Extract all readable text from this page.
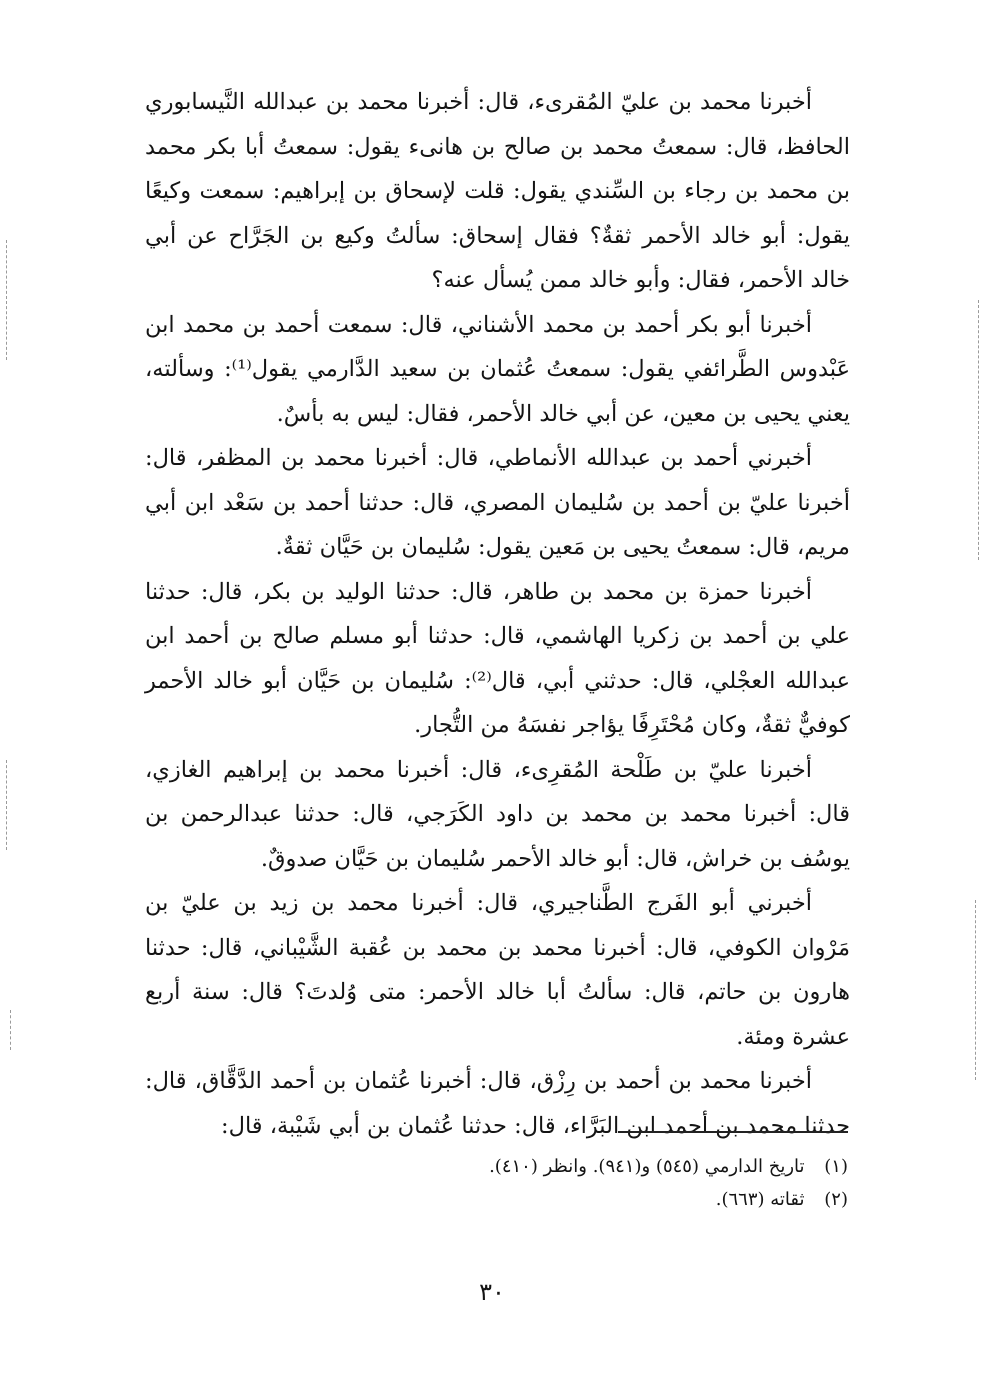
أخبرنا محمد بن عليّ المُقرىء، قال: أخبرنا محمد بن عبدالله النَّيسابوري الحافظ، قال: سمعتُ محمد بن صالح بن هانىء يقول: سمعتُ أبا بكر محمد بن محمد بن رجاء بن السِّندي يقول: قلت لإسحاق بن إبراهيم: سمعت وكيعًا يقول: أبو خالد الأحمر ثقةٌ؟ فقال إسحاق: سألتُ وكيع بن الجَرَّاح عن أبي خالد الأحمر، فقال: وأبو خالد ممن يُسأل عنه؟

أخبرنا أبو بكر أحمد بن محمد الأشناني، قال: سمعت أحمد بن محمد ابن عَبْدوس الطَّرائفي يقول: سمعتُ عُثمان بن سعيد الدَّارمي يقول⁽¹⁾: وسألته، يعني يحيى بن معين، عن أبي خالد الأحمر، فقال: ليس به بأسٌ.

أخبرني أحمد بن عبدالله الأنماطي، قال: أخبرنا محمد بن المظفر، قال: أخبرنا عليّ بن أحمد بن سُليمان المصري، قال: حدثنا أحمد بن سَعْد ابن أبي مريم، قال: سمعتُ يحيى بن مَعين يقول: سُليمان بن حَيَّان ثقةٌ.

أخبرنا حمزة بن محمد بن طاهر، قال: حدثنا الوليد بن بكر، قال: حدثنا علي بن أحمد بن زكريا الهاشمي، قال: حدثنا أبو مسلم صالح بن أحمد ابن عبدالله العجْلي، قال: حدثني أبي، قال⁽²⁾: سُليمان بن حَيَّان أبو خالد الأحمر كوفيٌّ ثقةٌ، وكان مُحْتَرِفًا يؤاجر نفسَهُ من التُّجار.

أخبرنا عليّ بن طَلْحة المُقرِىء، قال: أخبرنا محمد بن إبراهيم الغازي، قال: أخبرنا محمد بن محمد بن داود الكَرَجي، قال: حدثنا عبدالرحمن بن يوسُف بن خراش، قال: أبو خالد الأحمر سُليمان بن حَيَّان صدوقٌ.

أخبرني أبو الفَرج الطَّناجيري، قال: أخبرنا محمد بن زيد بن عليّ بن مَرْوان الكوفي، قال: أخبرنا محمد بن محمد بن عُقبة الشَّيْباني، قال: حدثنا هارون بن حاتم، قال: سألتُ أبا خالد الأحمر: متى وُلدتَ؟ قال: سنة أربع عشرة ومئة.

أخبرنا محمد بن أحمد بن رِزْق، قال: أخبرنا عُثمان بن أحمد الدَّقَّاق، قال: حدثنا محمد بن أحمد ابن البَرَّاء، قال: حدثنا عُثمان بن أبي شَيْبة، قال:

(١) تاريخ الدارمي (٥٤٥) و(٩٤١). وانظر (٤١٠).

(٢) ثقاته (٦٦٣).

٣٠
